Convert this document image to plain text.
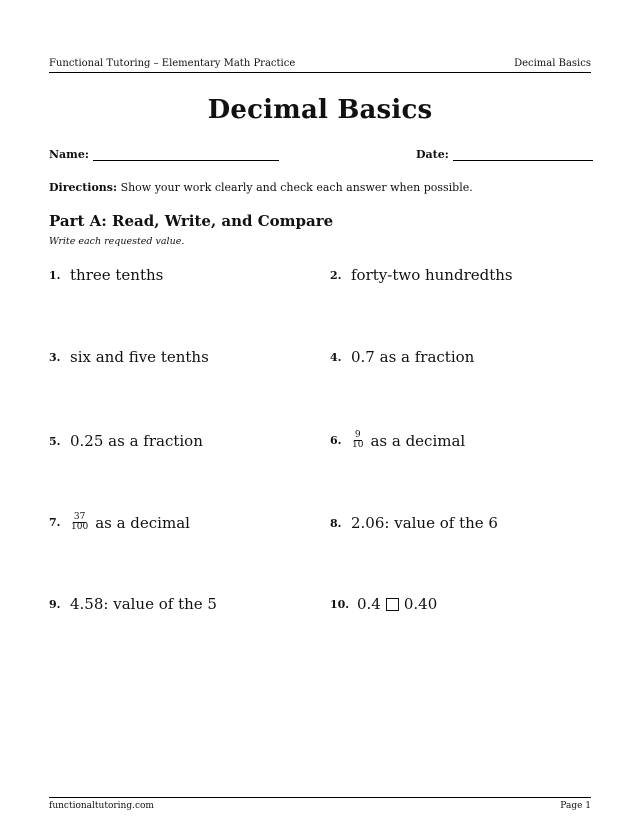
Functional Tutoring – Elementary Math Practice	Decimal Basics
Decimal Basics
Name:	Date:
Directions: Show your work clearly and check each answer when possible.
Part A: Read, Write, and Compare
Write each requested value.
1. three tenths	2. forty-two hundredths
3. six and five tenths	4. 0.7 as a fraction
5. 0.25 as a fraction	6.	$\frac{9}{10}$ as a decimal
7.	$\frac{37}{100}$ as a decimal	8. 2.06: value of the 6
9. 4.58: value of the 5	10. 0.4 0.40
functionaltutoring.com	Page 1
